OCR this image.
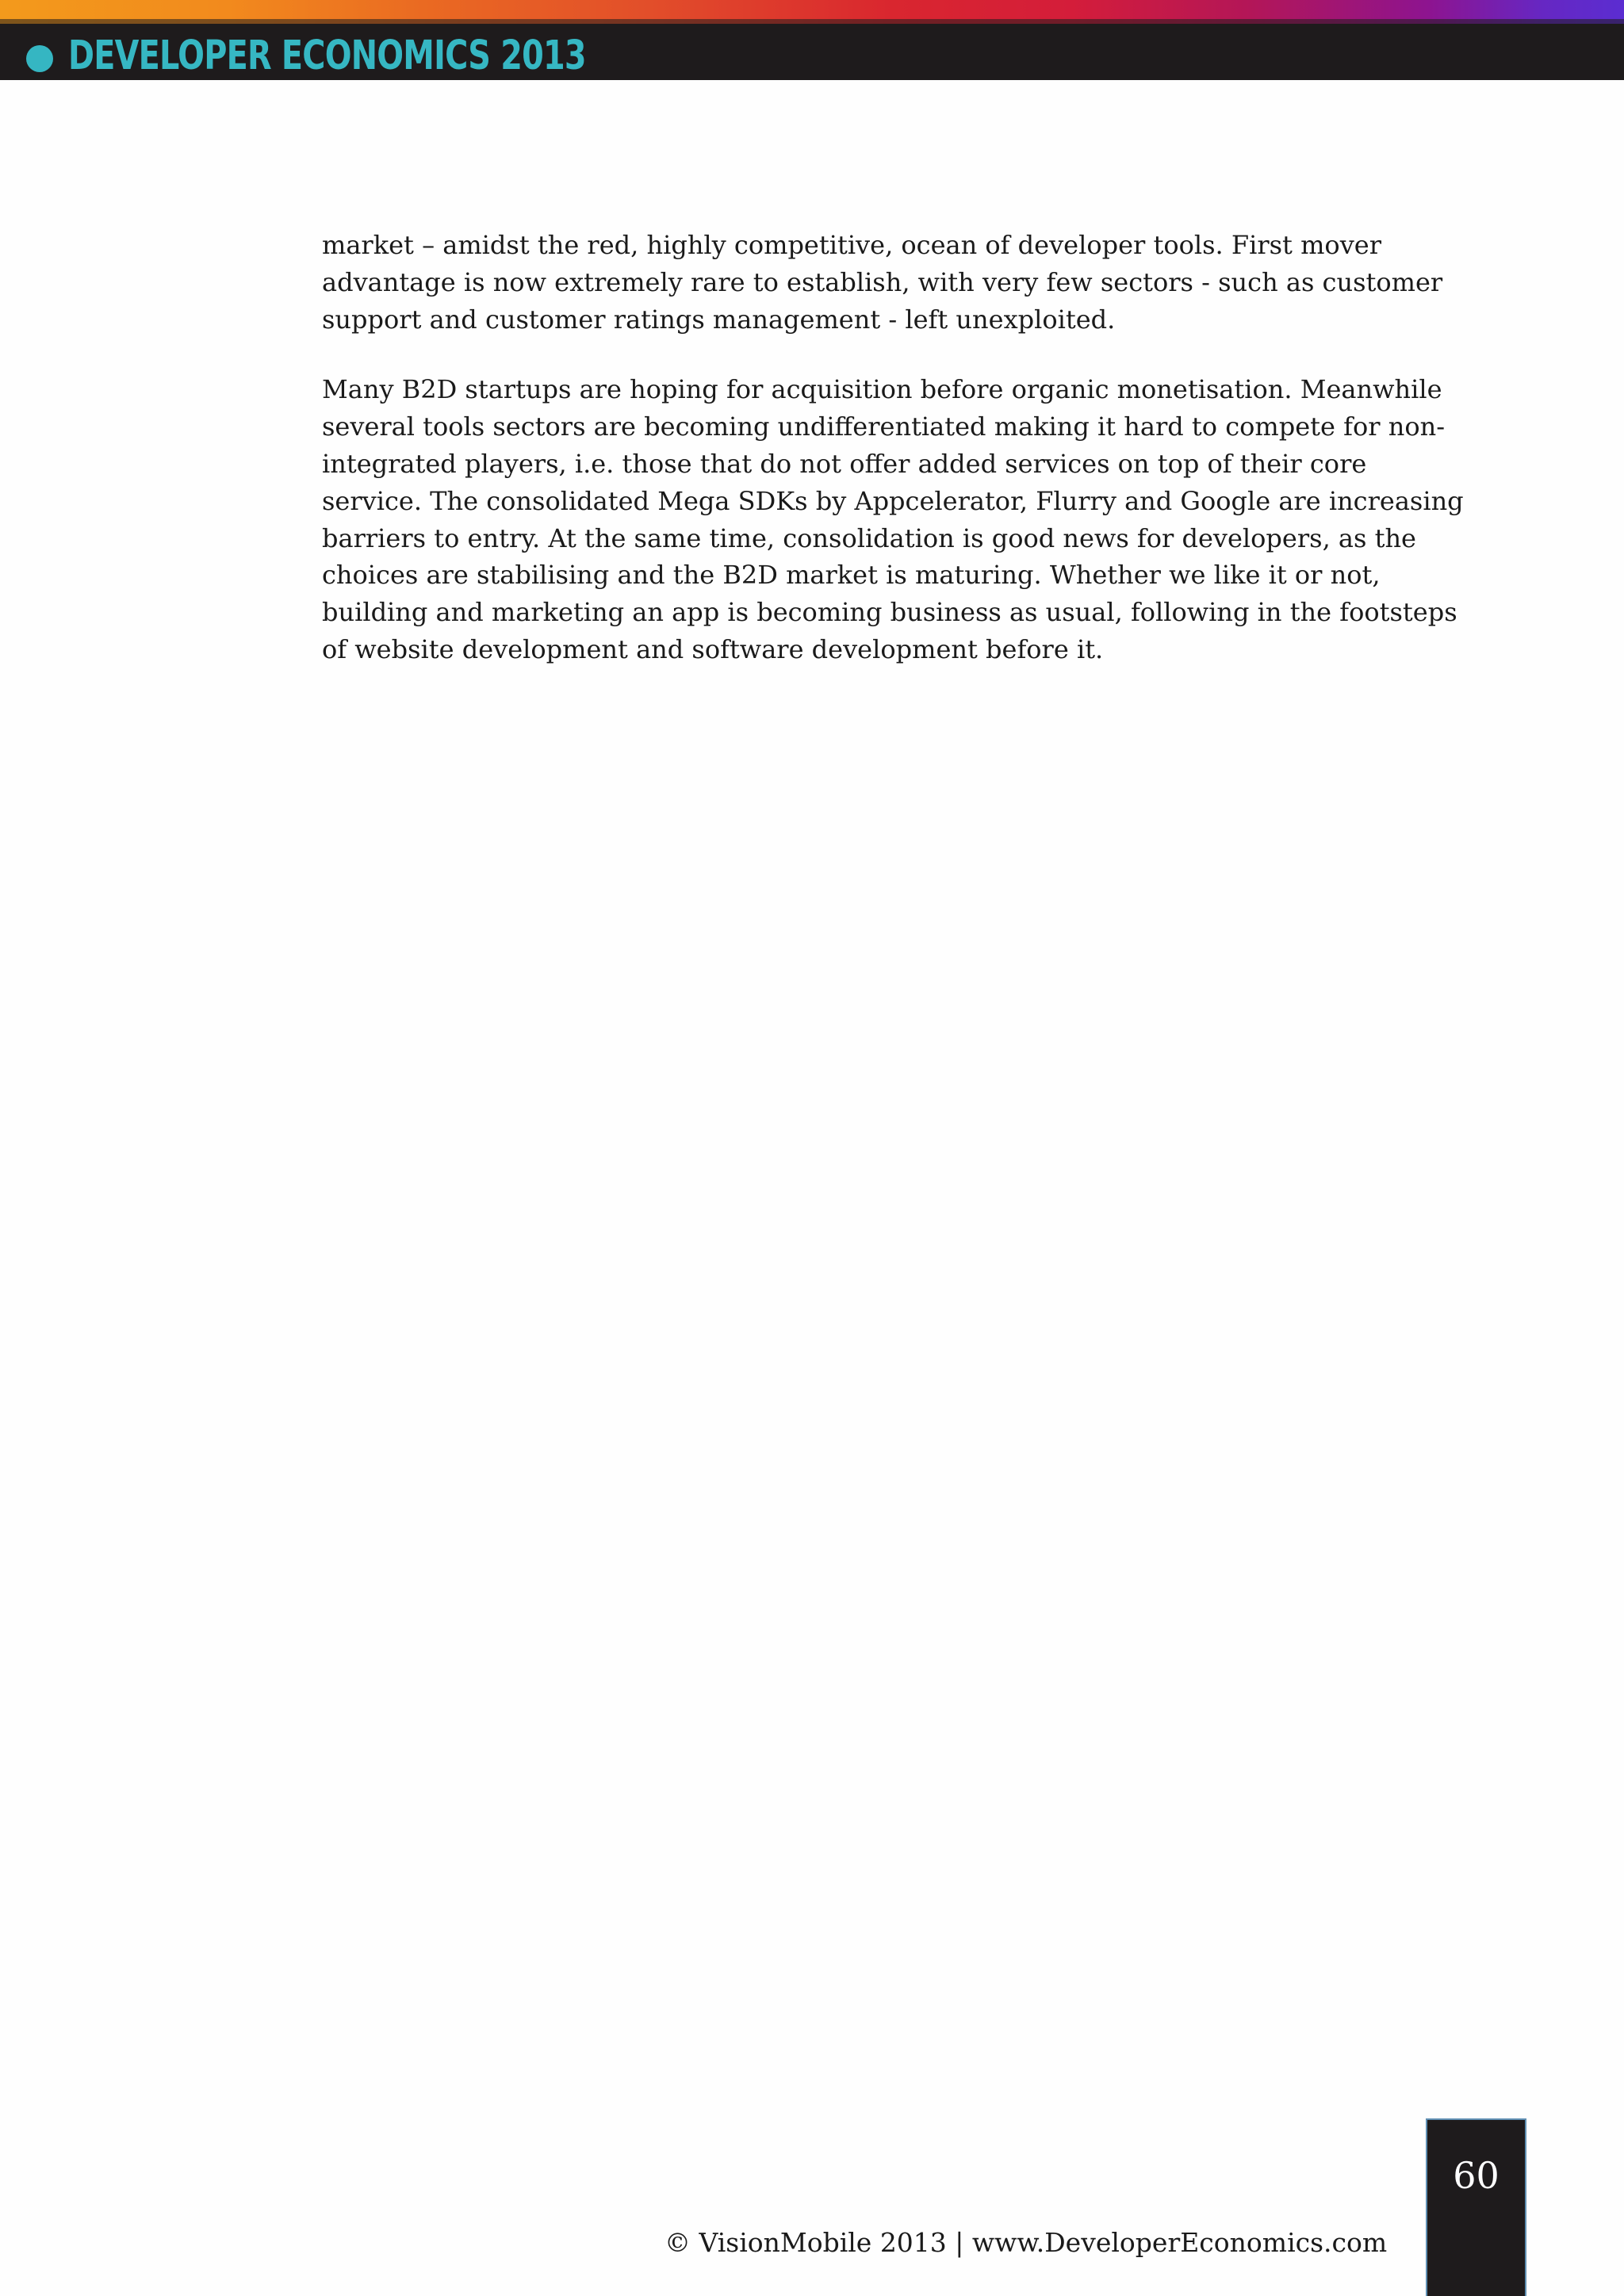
DEVELOPER ECONOMICS 2013

market – amidst the red, highly competitive, ocean of developer tools. First mover
advantage is now extremely rare to establish, with very few sectors - such as customer
support and customer ratings management - left unexploited.

Many B2D startups are hoping for acquisition before organic monetisation. Meanwhile
several tools sectors are becoming undifferentiated making it hard to compete for non-
integrated players, i.e. those that do not offer added services on top of their core
service. The consolidated Mega SDKs by Appcelerator, Flurry and Google are increasing
barriers to entry. At the same time, consolidation is good news for developers, as the
choices are stabilising and the B2D market is maturing. Whether we like it or not,
building and marketing an app is becoming business as usual, following in the footsteps
of website development and software development before it.

© VisionMobile 2013 | www.DeveloperEconomics.com
60
